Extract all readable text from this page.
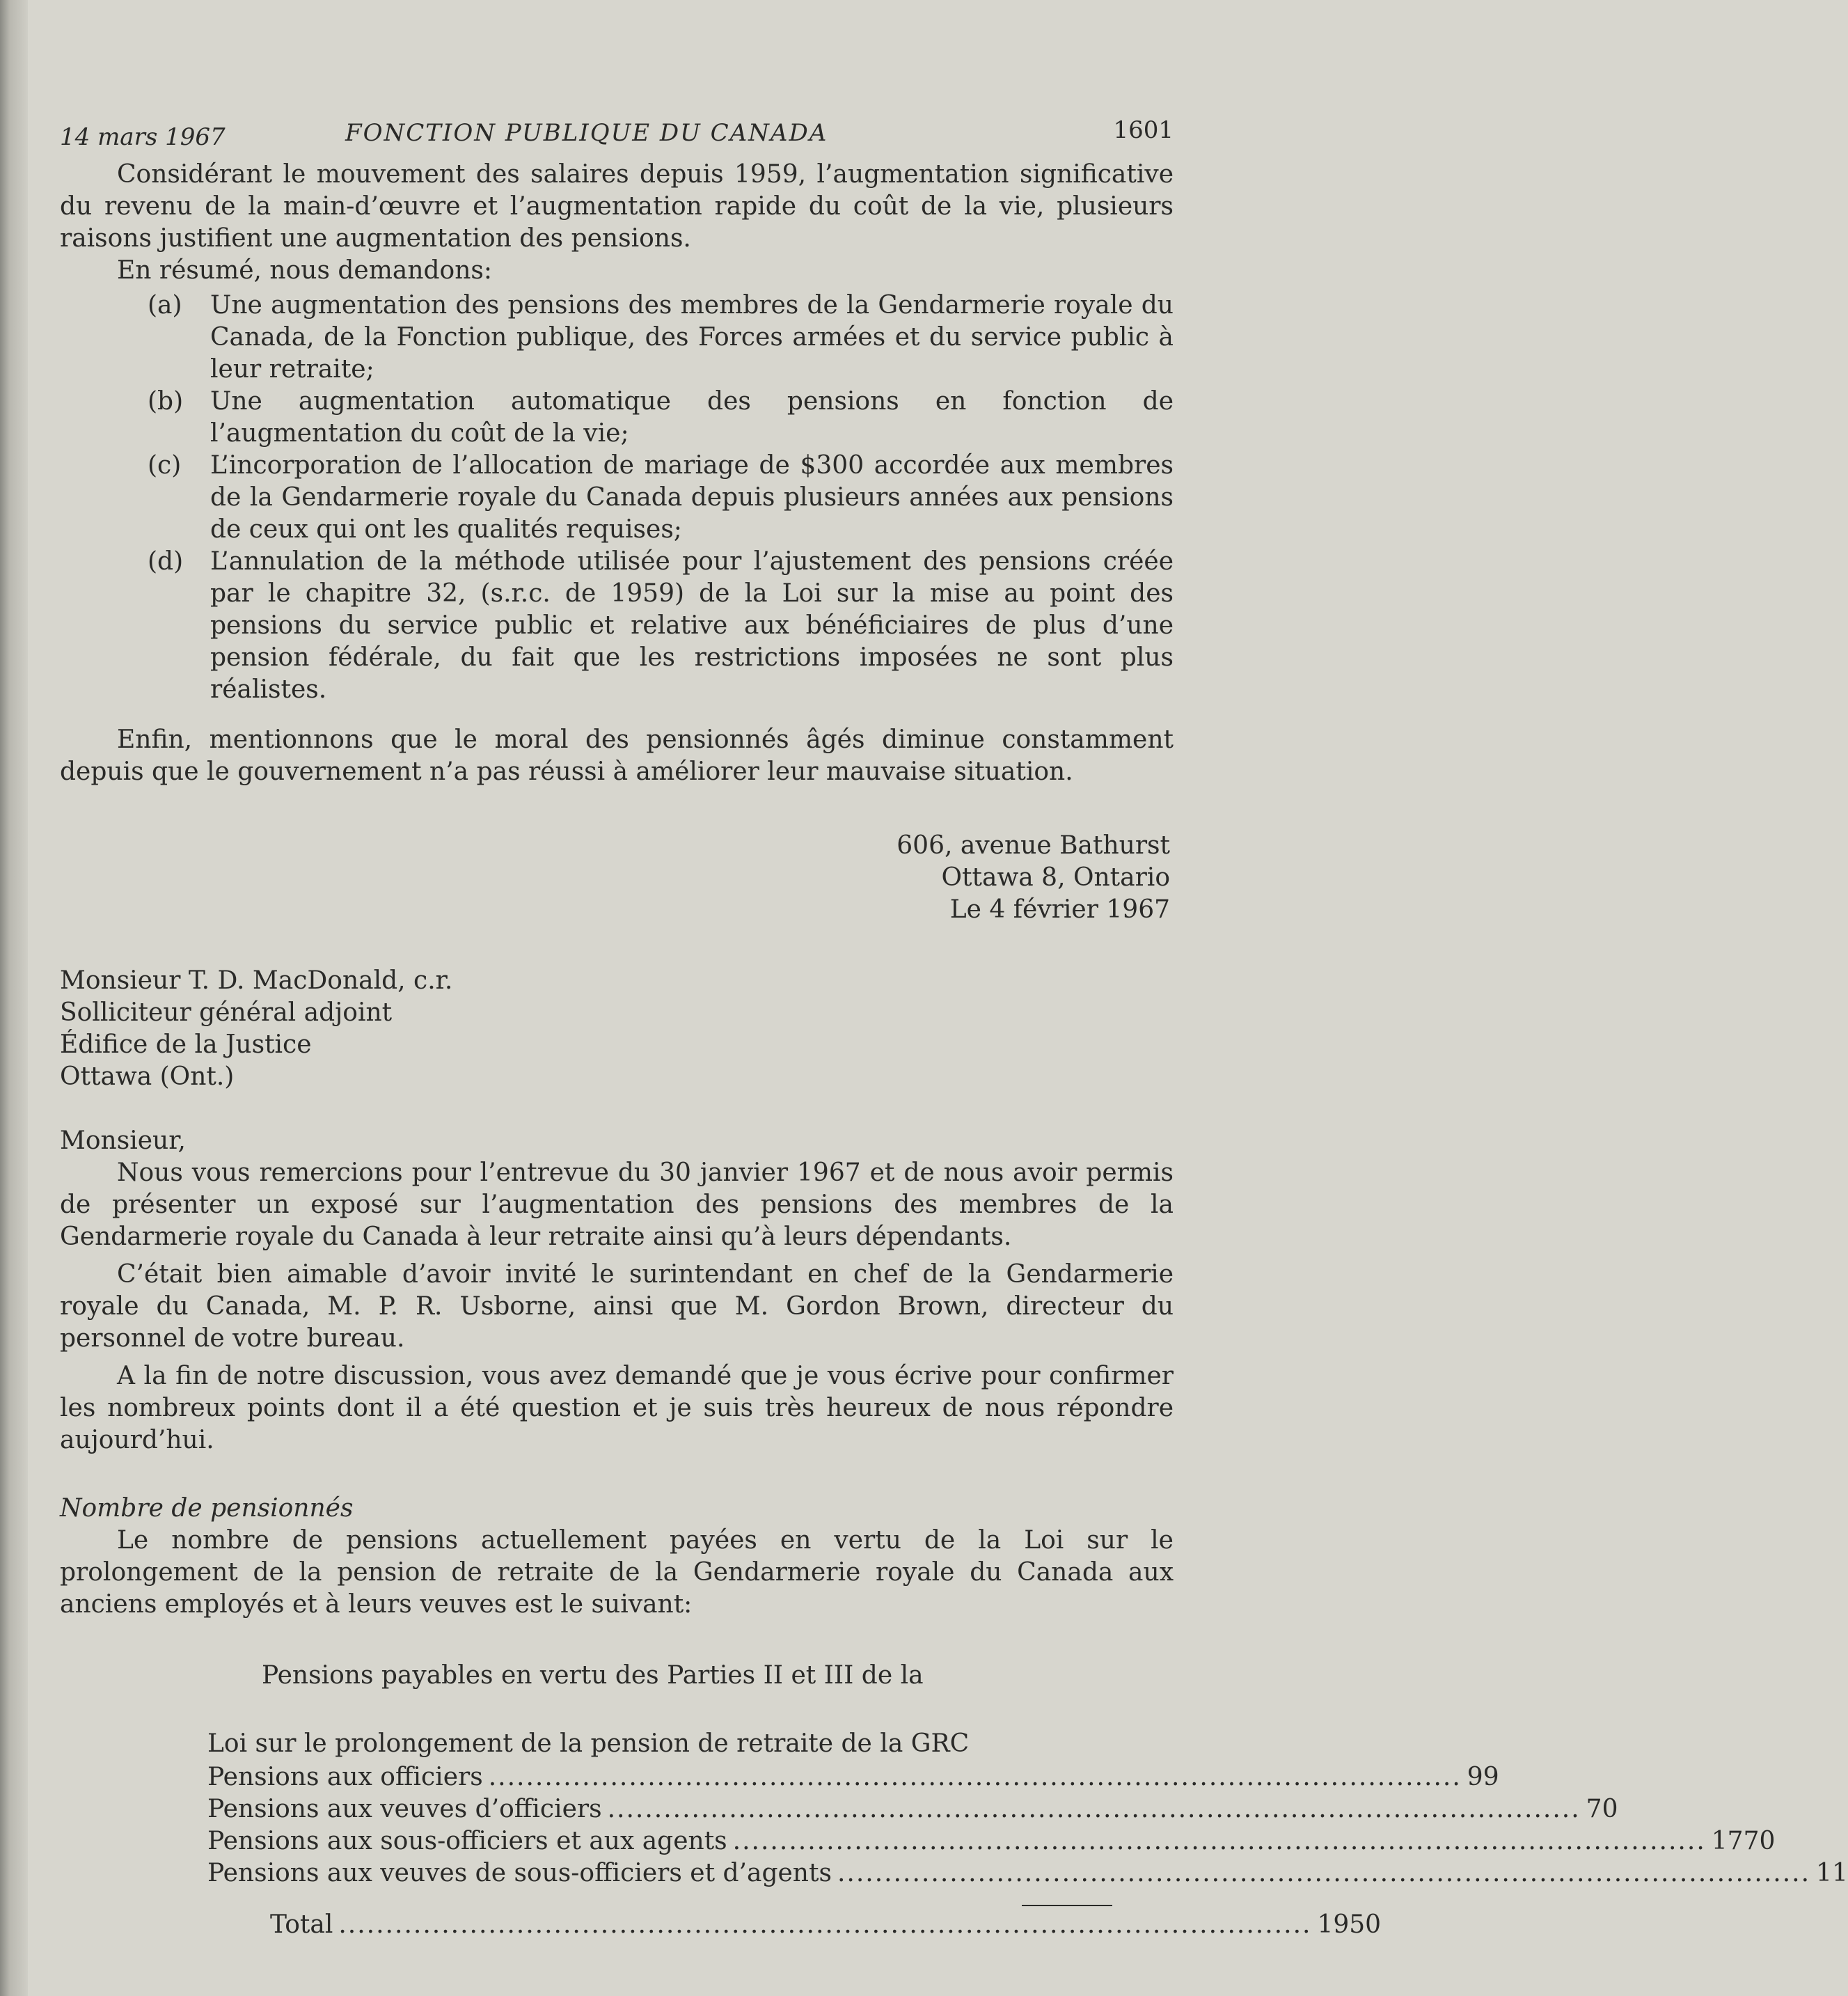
14 mars 1967	FONCTION PUBLIQUE DU CANADA	1601

Considérant le mouvement des salaires depuis 1959, l’augmentation significative du revenu de la main-d’œuvre et l’augmentation rapide du coût de la vie, plusieurs raisons justifient une augmentation des pensions.

En résumé, nous demandons:

(a) Une augmentation des pensions des membres de la Gendarmerie royale du Canada, de la Fonction publique, des Forces armées et du service public à leur retraite;
(b) Une augmentation automatique des pensions en fonction de l’augmentation du coût de la vie;
(c) L’incorporation de l’allocation de mariage de $300 accordée aux membres de la Gendarmerie royale du Canada depuis plusieurs années aux pensions de ceux qui ont les qualités requises;
(d) L’annulation de la méthode utilisée pour l’ajustement des pensions créée par le chapitre 32, (s.r.c. de 1959) de la Loi sur la mise au point des pensions du service public et relative aux bénéficiaires de plus d’une pension fédérale, du fait que les restrictions imposées ne sont plus réalistes.

Enfin, mentionnons que le moral des pensionnés âgés diminue constamment depuis que le gouvernement n’a pas réussi à améliorer leur mauvaise situation.

606, avenue Bathurst
Ottawa 8, Ontario
Le 4 février 1967
Monsieur T. D. MacDonald, c.r.
Solliciteur général adjoint
Édifice de la Justice
Ottawa (Ont.)
Monsieur,

Nous vous remercions pour l’entrevue du 30 janvier 1967 et de nous avoir permis de présenter un exposé sur l’augmentation des pensions des membres de la Gendarmerie royale du Canada à leur retraite ainsi qu’à leurs dépendants.

C’était bien aimable d’avoir invité le surintendant en chef de la Gendarmerie royale du Canada, M. P. R. Usborne, ainsi que M. Gordon Brown, directeur du personnel de votre bureau.

A la fin de notre discussion, vous avez demandé que je vous écrive pour confirmer les nombreux points dont il a été question et je suis très heureux de nous répondre aujourd’hui.

Nombre de pensionnés

Le nombre de pensions actuellement payées en vertu de la Loi sur le prolongement de la pension de retraite de la Gendarmerie royale du Canada aux anciens employés et à leurs veuves est le suivant:

Pensions payables en vertu des Parties II et III de la
Loi sur le prolongement de la pension de retraite de la GRC
Pensions aux officiers ........................................................................................................ 99
Pensions aux veuves d’officiers ........................................................................................................ 70
Pensions aux sous-officiers et aux agents ........................................................................................................ 1770
Pensions aux veuves de sous-officiers et d’agents ........................................................................................................ 11
Total ........................................................................................................ 1950
